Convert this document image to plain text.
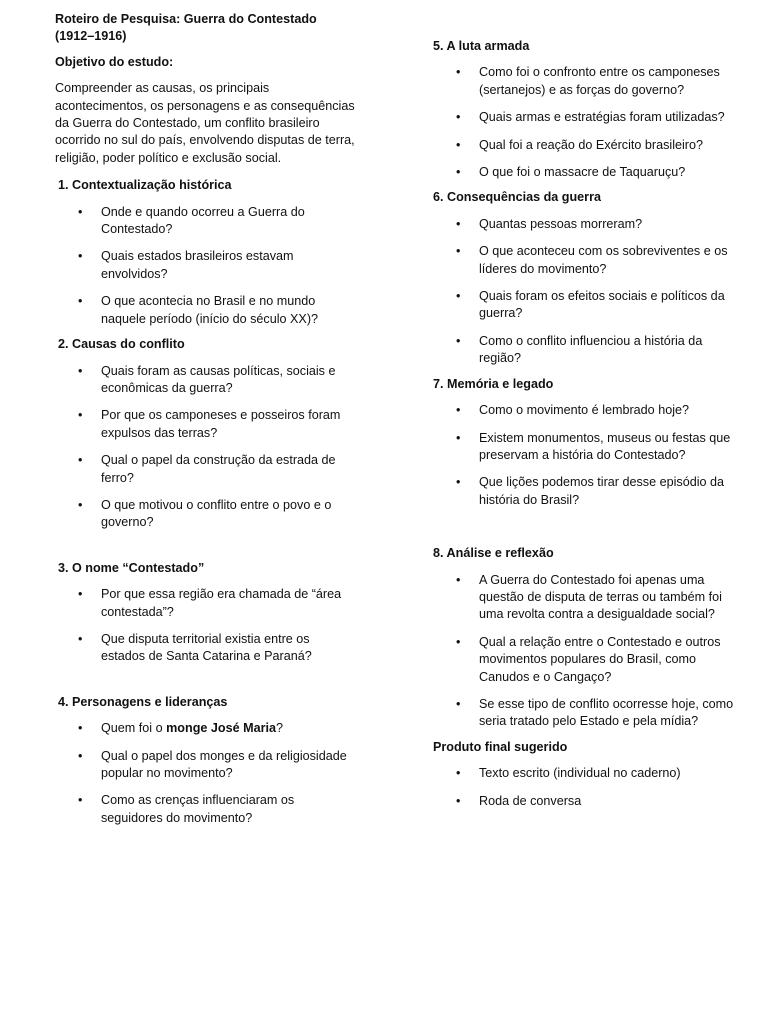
Roteiro de Pesquisa: Guerra do Contestado (1912–1916)
Objetivo do estudo:
Compreender as causas, os principais acontecimentos, os personagens e as consequências da Guerra do Contestado, um conflito brasileiro ocorrido no sul do país, envolvendo disputas de terra, religião, poder político e exclusão social.
1. Contextualização histórica
• Onde e quando ocorreu a Guerra do Contestado?
• Quais estados brasileiros estavam envolvidos?
• O que acontecia no Brasil e no mundo naquele período (início do século XX)?
2. Causas do conflito
• Quais foram as causas políticas, sociais e econômicas da guerra?
• Por que os camponeses e posseiros foram expulsos das terras?
• Qual o papel da construção da estrada de ferro?
• O que motivou o conflito entre o povo e o governo?
3. O nome “Contestado”
• Por que essa região era chamada de “área contestada”?
• Que disputa territorial existia entre os estados de Santa Catarina e Paraná?
4. Personagens e lideranças
• Quem foi o monge José Maria?
• Qual o papel dos monges e da religiosidade popular no movimento?
• Como as crenças influenciaram os seguidores do movimento?
5. A luta armada
• Como foi o confronto entre os camponeses (sertanejos) e as forças do governo?
• Quais armas e estratégias foram utilizadas?
• Qual foi a reação do Exército brasileiro?
• O que foi o massacre de Taquaruçu?
6. Consequências da guerra
• Quantas pessoas morreram?
• O que aconteceu com os sobreviventes e os líderes do movimento?
• Quais foram os efeitos sociais e políticos da guerra?
• Como o conflito influenciou a história da região?
7. Memória e legado
• Como o movimento é lembrado hoje?
• Existem monumentos, museus ou festas que preservam a história do Contestado?
• Que lições podemos tirar desse episódio da história do Brasil?
8. Análise e reflexão
• A Guerra do Contestado foi apenas uma questão de disputa de terras ou também foi uma revolta contra a desigualdade social?
• Qual a relação entre o Contestado e outros movimentos populares do Brasil, como Canudos e o Cangaço?
• Se esse tipo de conflito ocorresse hoje, como seria tratado pelo Estado e pela mídia?
Produto final sugerido
• Texto escrito (individual no caderno)
• Roda de conversa
